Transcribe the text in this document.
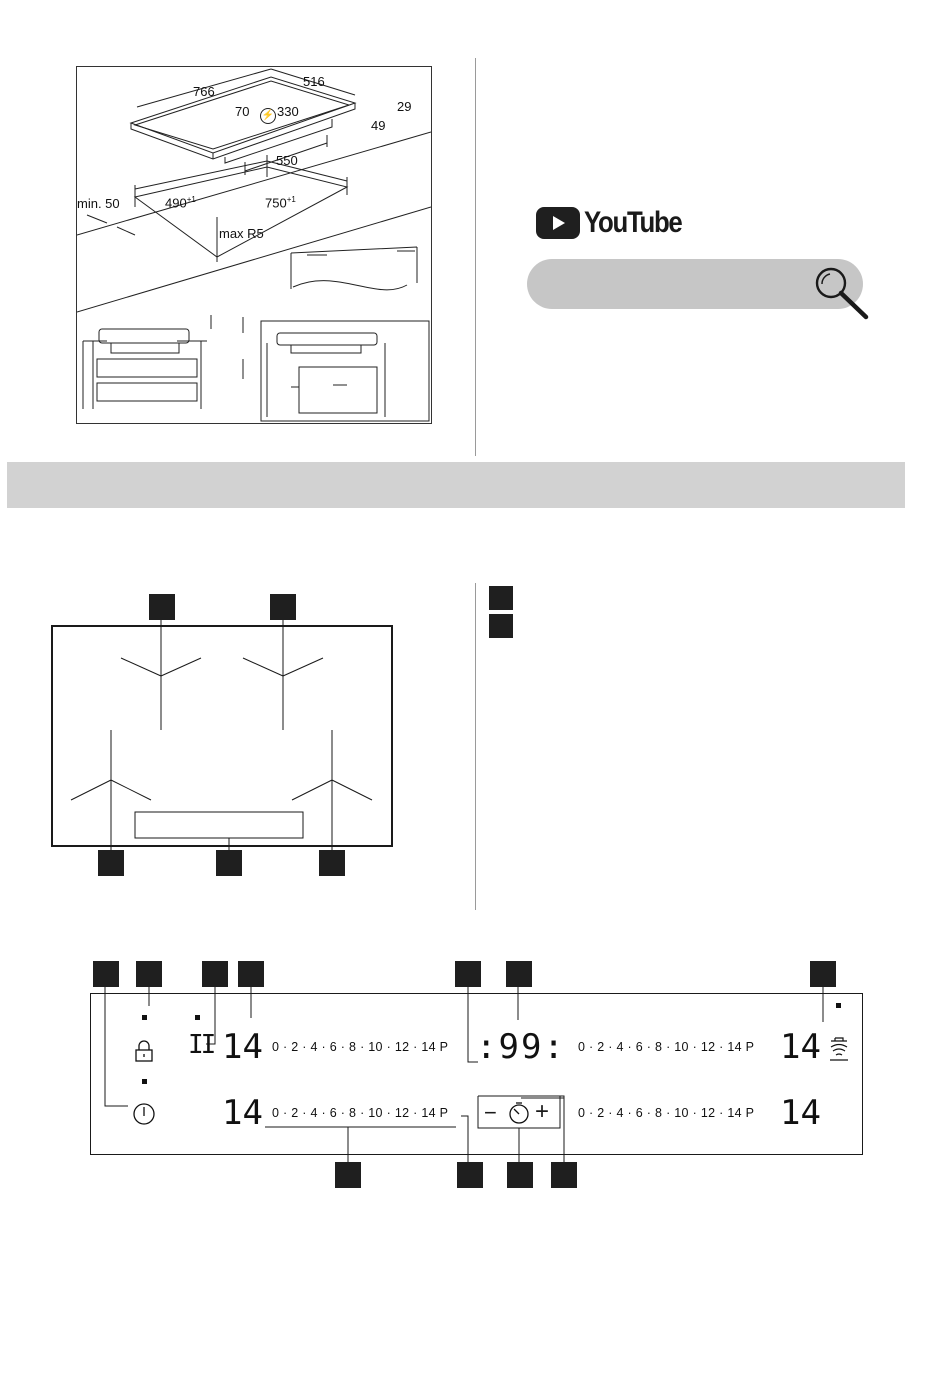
766
516
70 ⚡ 330	29
49
550
min. 50	$490^{+1}$	$750^{+1}$
max R5	YouTube
II 14 0 · 2 · 4 · 6 · 8 · 10 · 12 · 14 P :99: 0 · 2 · 4 · 6 · 8 · 10 · 12 · 14 P 14
14 0 · 2 · 4 · 6 · 8 · 10 · 12 · 14 P − + 0 · 2 · 4 · 6 · 8 · 10 · 12 · 14 P 14
